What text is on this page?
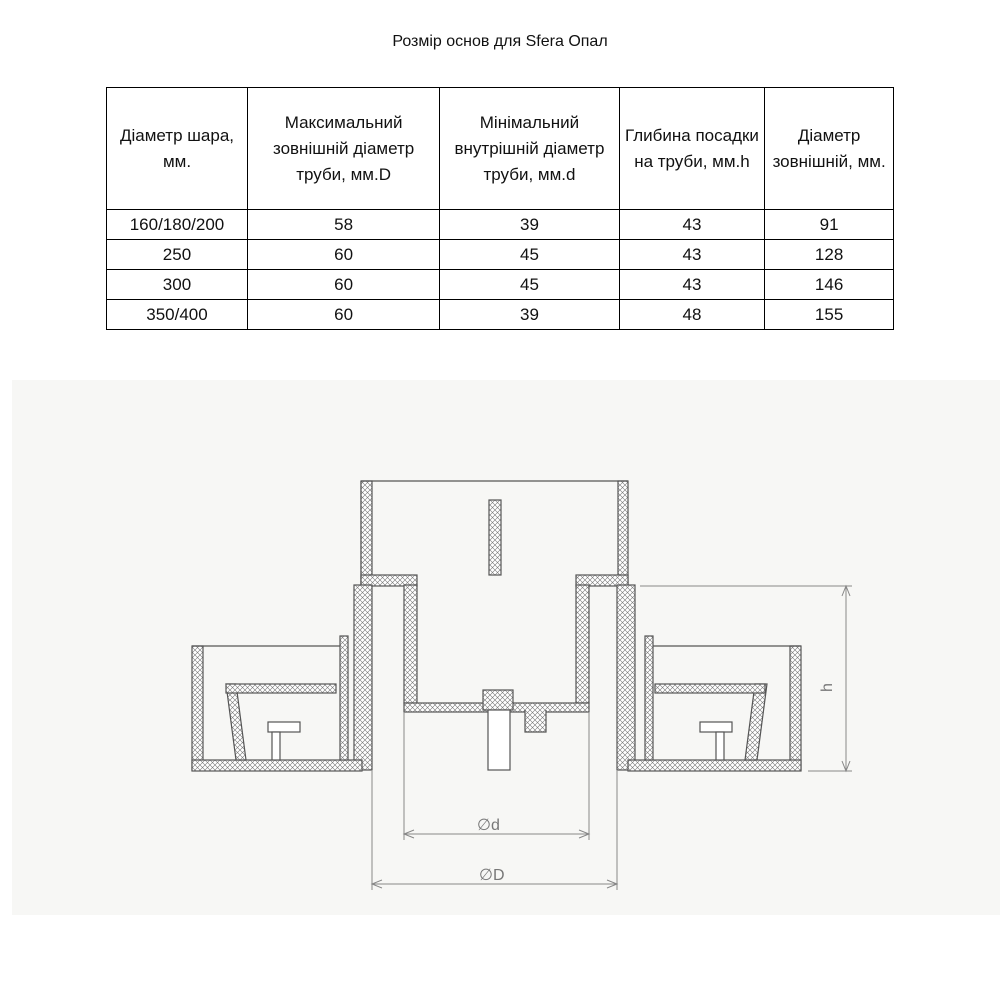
Розмір основ для Sfera Опал
Діаметр шара, мм.	Максимальний зовнішній діаметр труби, мм.D	Мінімальний внутрішній діаметр труби, мм.d	Глибина посадки на труби, мм.h	Діаметр зовнішній, мм.
160/180/200	58	39	43	91
250	60	45	43	128
300	60	45	43	146
350/400	60	39	48	155
h
∅d
∅D
